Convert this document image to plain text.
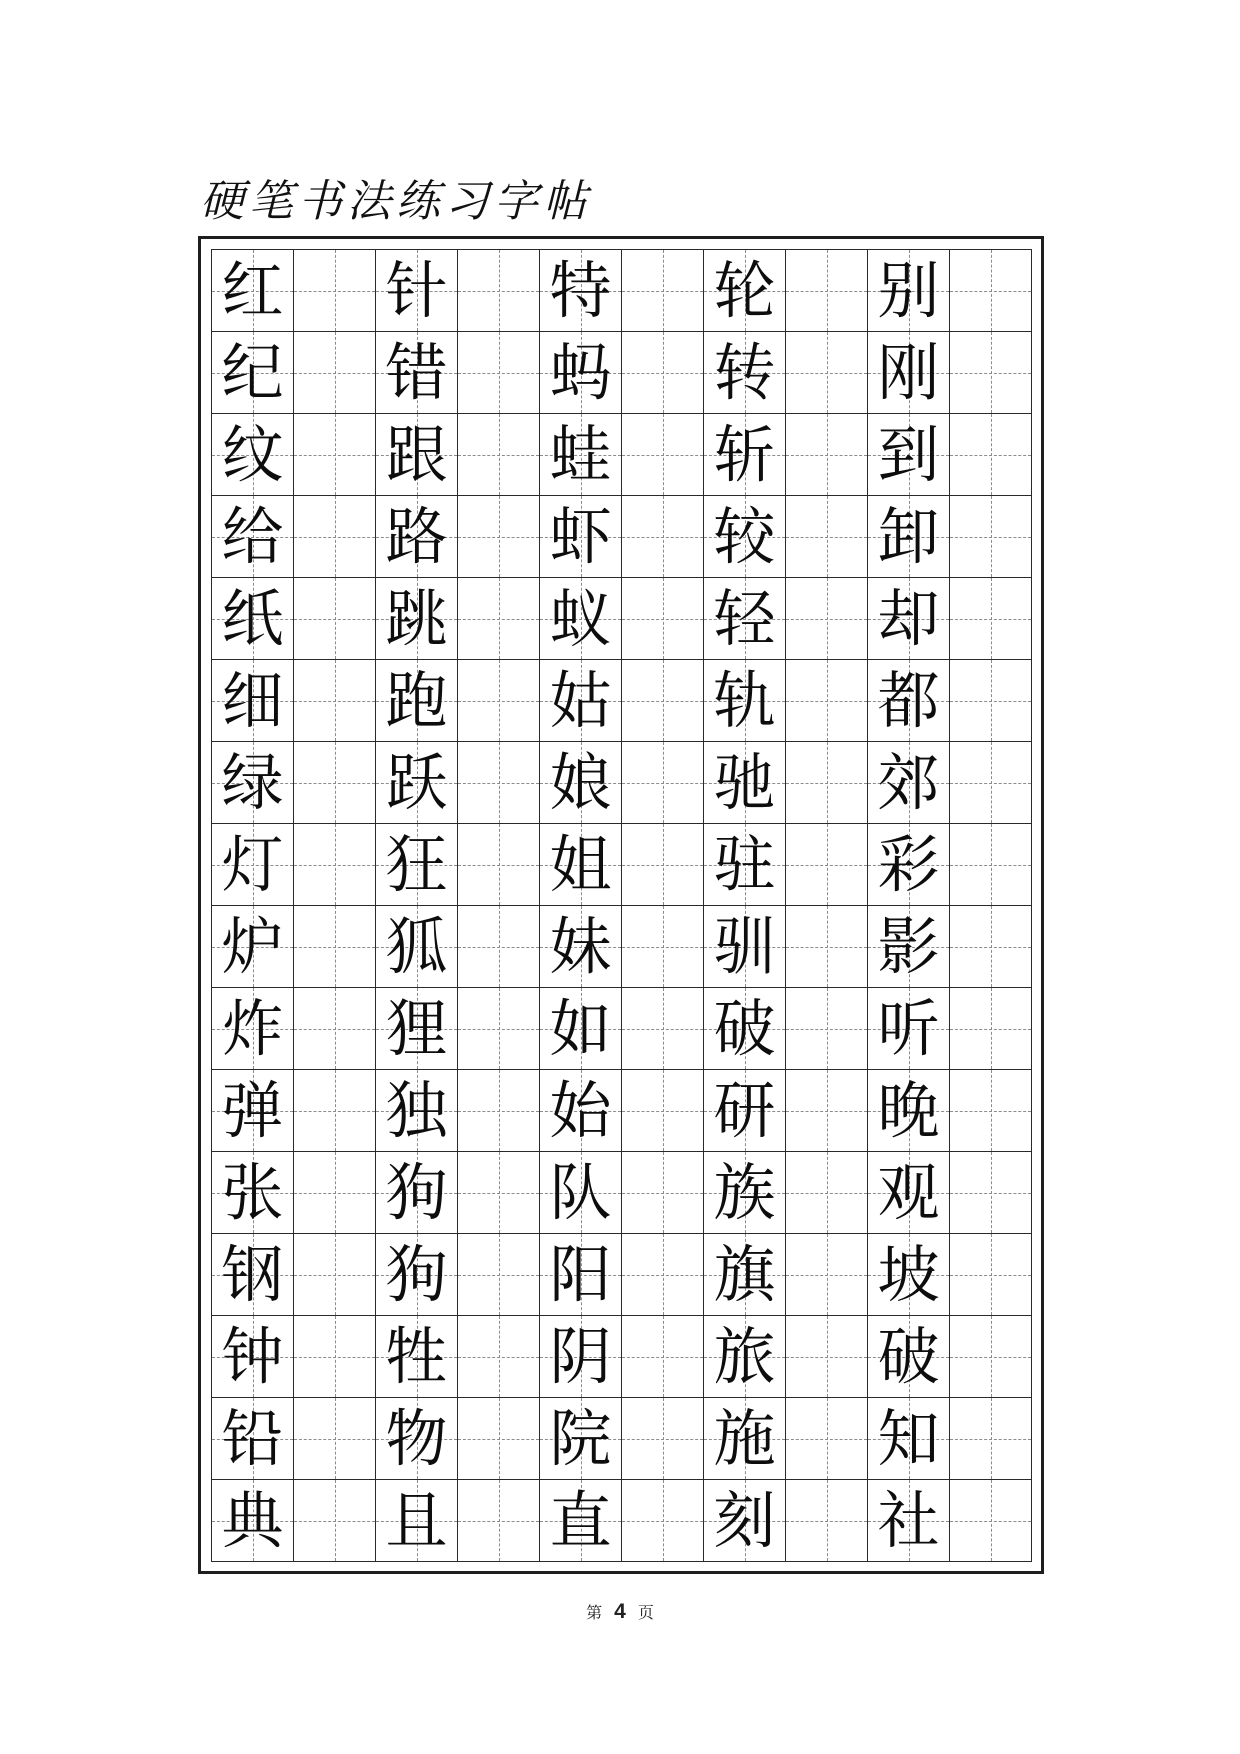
硬笔书法练习字帖
红 针 特 轮 别
纪 错 蚂 转 刚
纹 跟 蛙 斩 到
给 路 虾 较 卸
纸 跳 蚁 轻 却
细 跑 姑 轨 都
绿 跃 娘 驰 郊
灯 狂 姐 驻 彩
炉 狐 妹 驯 影
炸 狸 如 破 听
弹 独 始 研 晚
张 狗 队 族 观
钢 狗 阳 旗 坡
钟 牲 阴 旅 破
铅 物 院 施 知
典 且 直 刻 社
第 4 页
